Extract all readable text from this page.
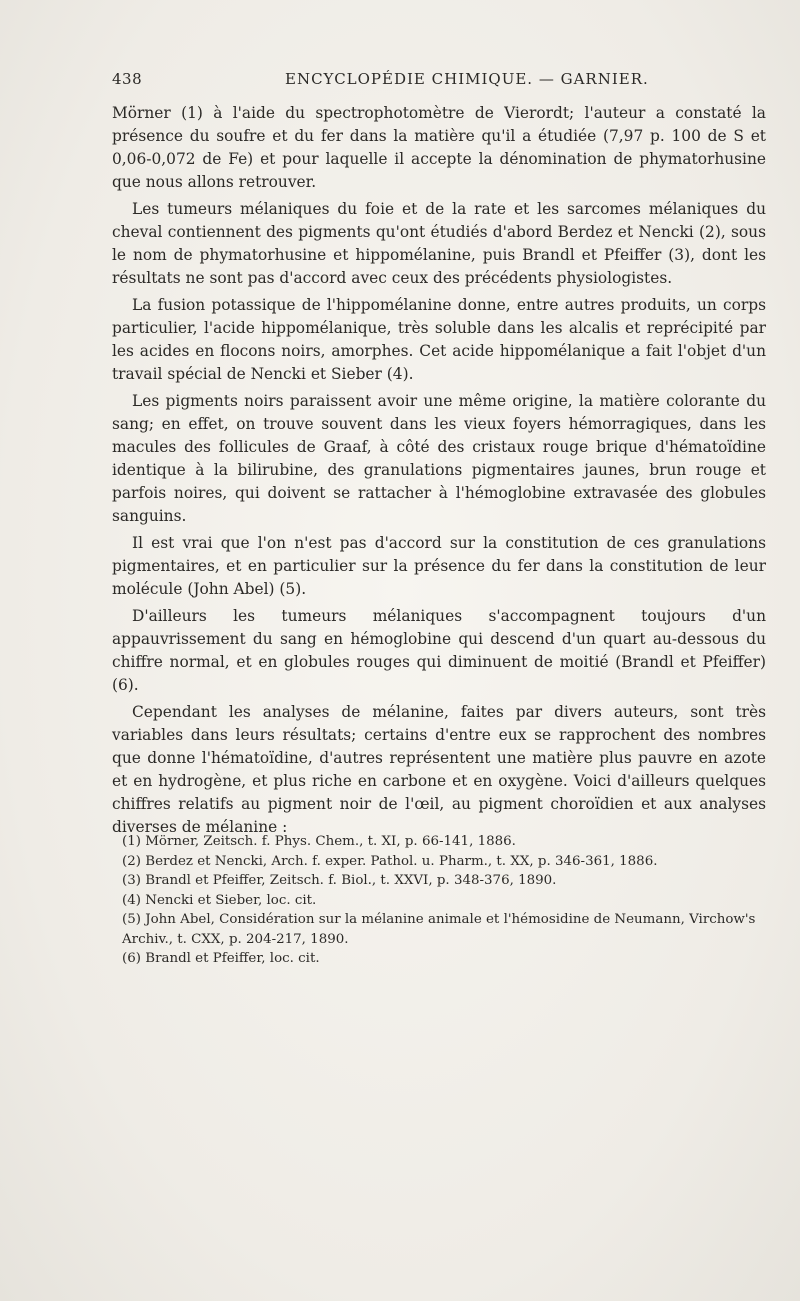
438	ENCYCLOPÉDIE CHIMIQUE. — GARNIER.

Mörner (1) à l'aide du spectrophotomètre de Vierordt; l'auteur a constaté la présence du soufre et du fer dans la matière qu'il a étudiée (7,97 p. 100 de S et 0,06-0,072 de Fe) et pour laquelle il accepte la dénomination de phymatorhusine que nous allons retrouver.

Les tumeurs mélaniques du foie et de la rate et les sarcomes mélaniques du cheval contiennent des pigments qu'ont étudiés d'abord Berdez et Nencki (2), sous le nom de phymatorhusine et hippomélanine, puis Brandl et Pfeiffer (3), dont les résultats ne sont pas d'accord avec ceux des précédents physiologistes.

La fusion potassique de l'hippomélanine donne, entre autres produits, un corps particulier, l'acide hippomélanique, très soluble dans les alcalis et reprécipité par les acides en flocons noirs, amorphes. Cet acide hippomélanique a fait l'objet d'un travail spécial de Nencki et Sieber (4).

Les pigments noirs paraissent avoir une même origine, la matière colorante du sang; en effet, on trouve souvent dans les vieux foyers hémorragiques, dans les macules des follicules de Graaf, à côté des cristaux rouge brique d'hématoïdine identique à la bilirubine, des granulations pigmentaires jaunes, brun rouge et parfois noires, qui doivent se rattacher à l'hémoglobine extravasée des globules sanguins.

Il est vrai que l'on n'est pas d'accord sur la constitution de ces granulations pigmentaires, et en particulier sur la présence du fer dans la constitution de leur molécule (John Abel) (5).

D'ailleurs les tumeurs mélaniques s'accompagnent toujours d'un appauvrissement du sang en hémoglobine qui descend d'un quart au-dessous du chiffre normal, et en globules rouges qui diminuent de moitié (Brandl et Pfeiffer) (6).

Cependant les analyses de mélanine, faites par divers auteurs, sont très variables dans leurs résultats; certains d'entre eux se rapprochent des nombres que donne l'hématoïdine, d'autres représentent une matière plus pauvre en azote et en hydrogène, et plus riche en carbone et en oxygène. Voici d'ailleurs quelques chiffres relatifs au pigment noir de l'œil, au pigment choroïdien et aux analyses diverses de mélanine :

(1) Mörner, Zeitsch. f. Phys. Chem., t. XI, p. 66-141, 1886.

(2) Berdez et Nencki, Arch. f. exper. Pathol. u. Pharm., t. XX, p. 346-361, 1886.

(3) Brandl et Pfeiffer, Zeitsch. f. Biol., t. XXVI, p. 348-376, 1890.

(4) Nencki et Sieber, loc. cit.

(5) John Abel, Considération sur la mélanine animale et l'hémosidine de Neumann, Virchow's Archiv., t. CXX, p. 204-217, 1890.

(6) Brandl et Pfeiffer, loc. cit.
